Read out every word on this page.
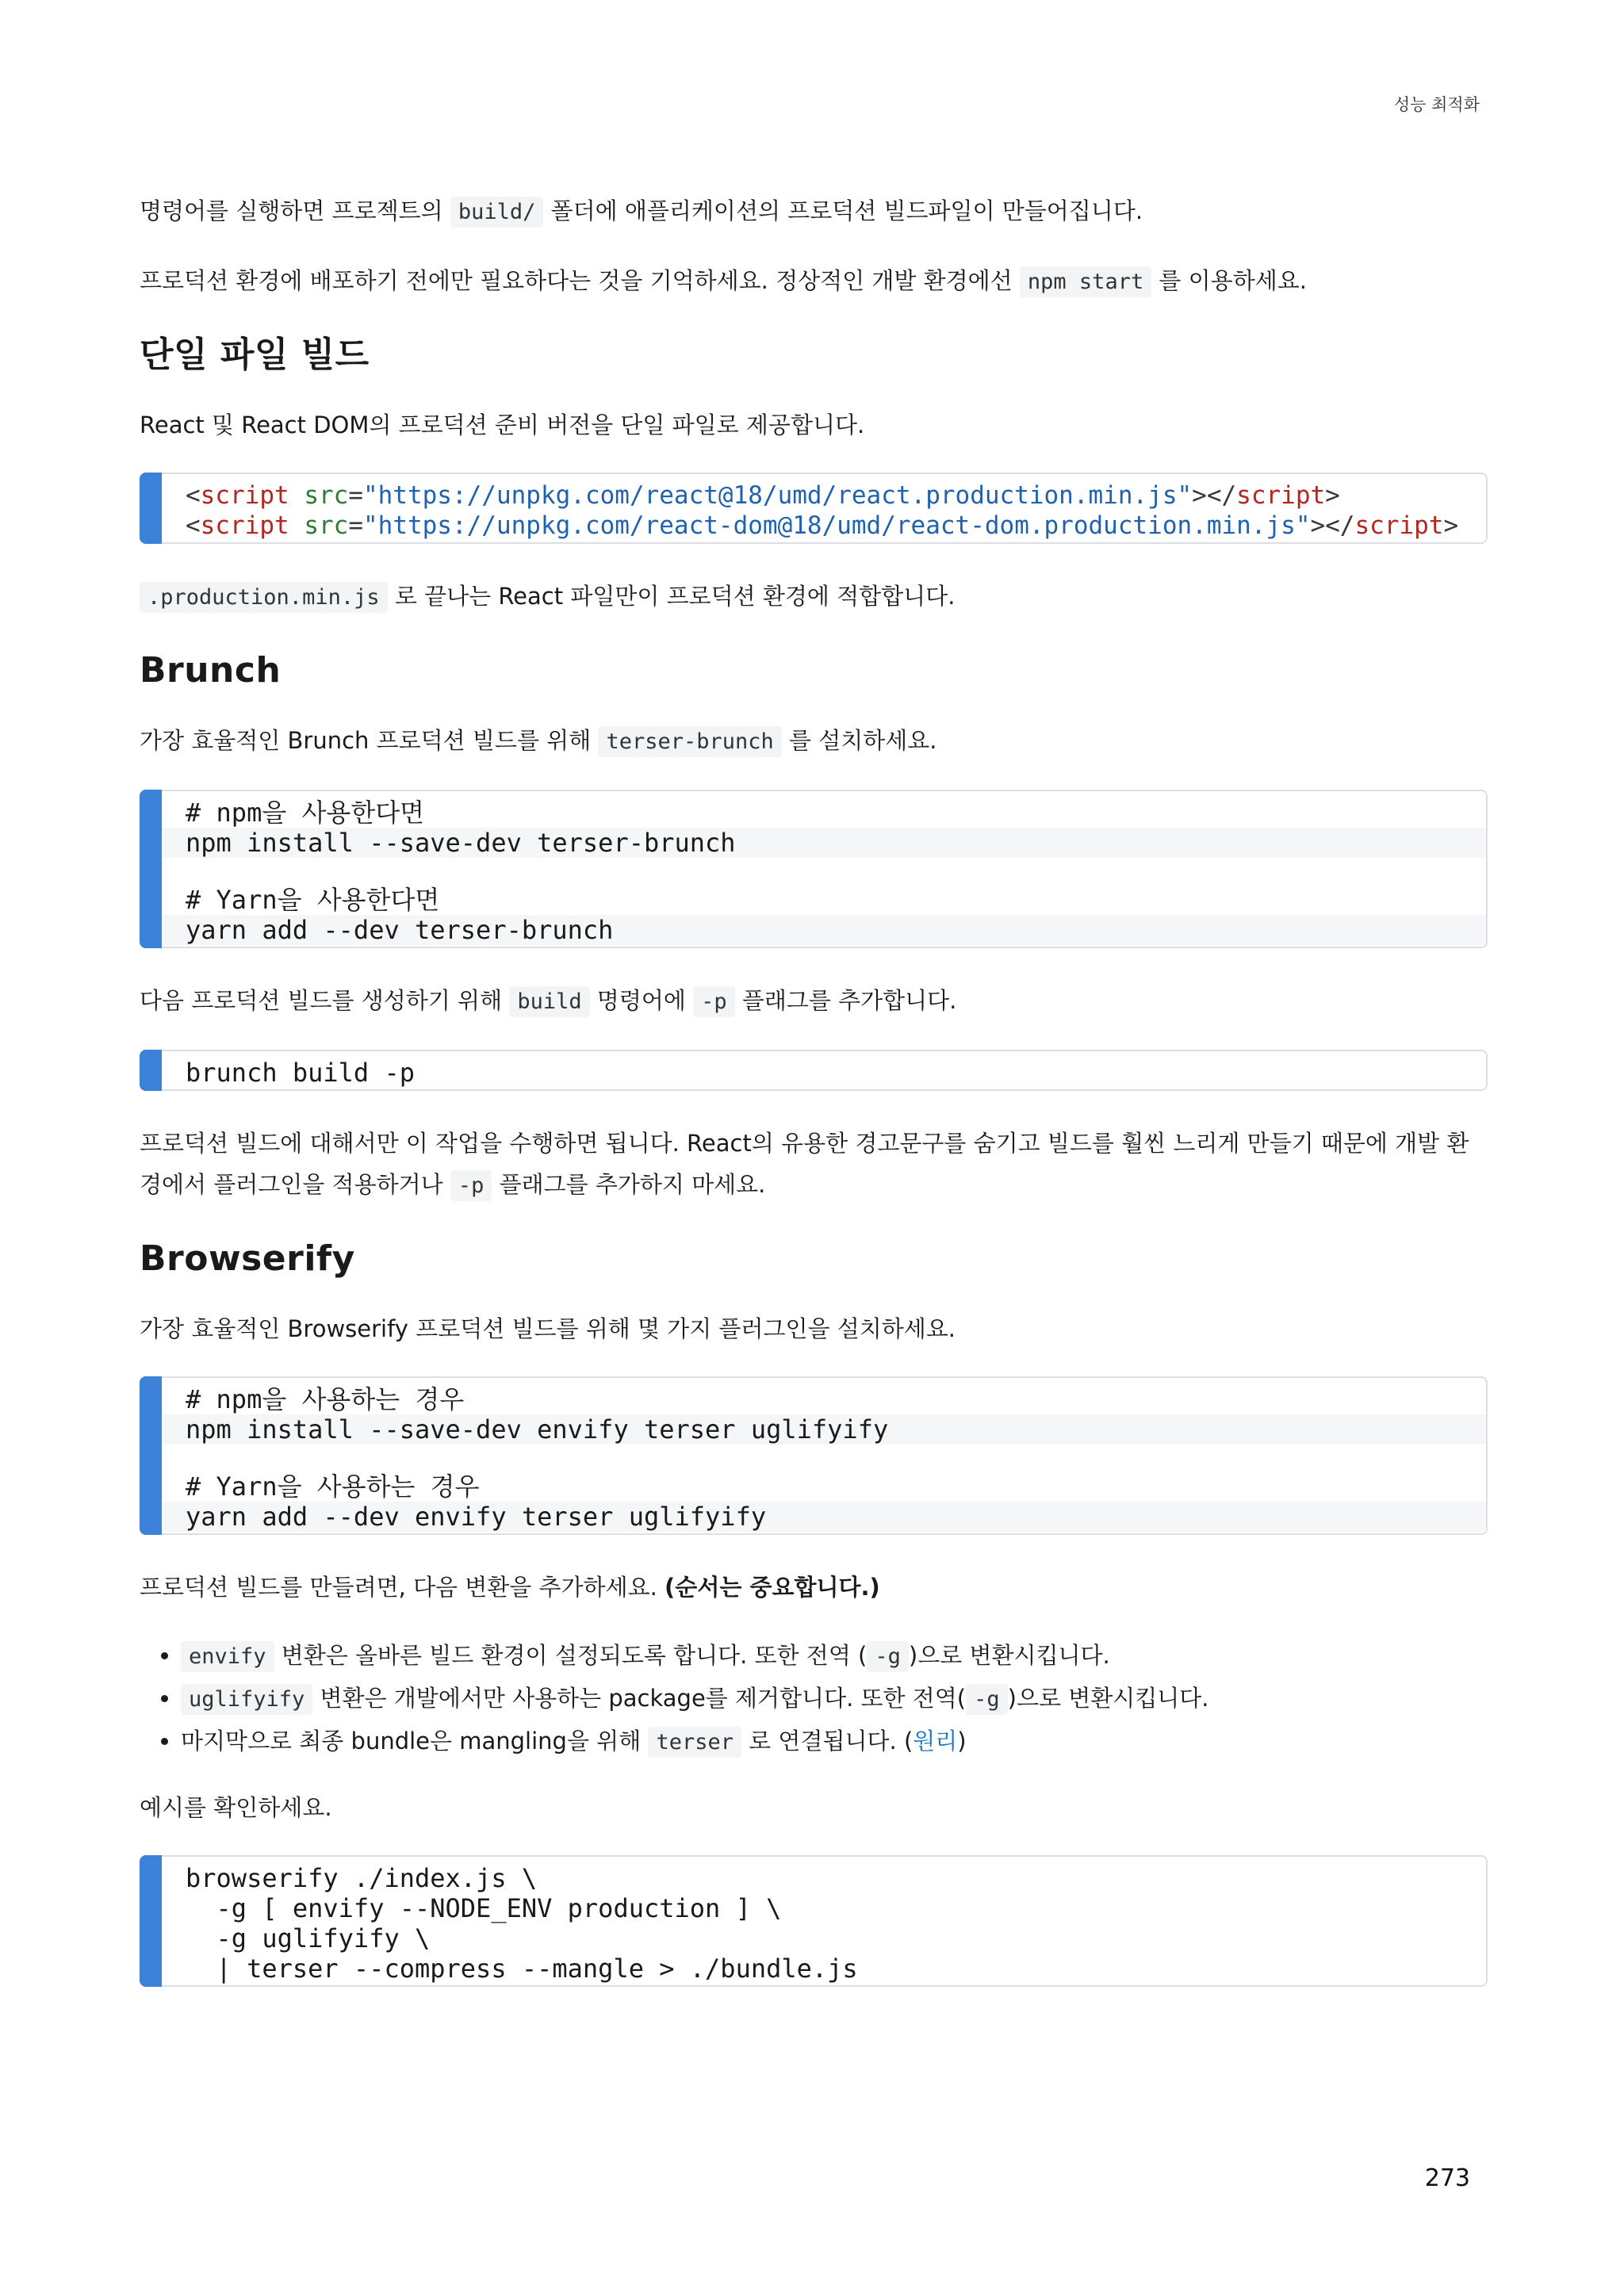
성능 최적화

명령어를 실행하면 프로젝트의 build/ 폴더에 애플리케이션의 프로덕션 빌드파일이 만들어집니다.

프로덕션 환경에 배포하기 전에만 필요하다는 것을 기억하세요. 정상적인 개발 환경에선 npm start 를 이용하세요.

단일 파일 빌드

React 및 React DOM의 프로덕션 준비 버전을 단일 파일로 제공합니다.

<script src="https://unpkg.com/react@18/umd/react.production.min.js"></script>
<script src="https://unpkg.com/react-dom@18/umd/react-dom.production.min.js"></script>

.production.min.js 로 끝나는 React 파일만이 프로덕션 환경에 적합합니다.

Brunch

가장 효율적인 Brunch 프로덕션 빌드를 위해 terser-brunch 를 설치하세요.

# npm을 사용한다면
npm install --save-dev terser-brunch
# Yarn을 사용한다면
yarn add --dev terser-brunch

다음 프로덕션 빌드를 생성하기 위해 build 명령어에 -p 플래그를 추가합니다.

brunch build -p

프로덕션 빌드에 대해서만 이 작업을 수행하면 됩니다. React의 유용한 경고문구를 숨기고 빌드를 훨씬 느리게 만들기 때문에 개발 환경에서 플러그인을 적용하거나 -p 플래그를 추가하지 마세요.

Browserify

가장 효율적인 Browserify 프로덕션 빌드를 위해 몇 가지 플러그인을 설치하세요.

# npm을 사용하는 경우
npm install --save-dev envify terser uglifyify
# Yarn을 사용하는 경우
yarn add --dev envify terser uglifyify

프로덕션 빌드를 만들려면, 다음 변환을 추가하세요. (순서는 중요합니다.)

• envify 변환은 올바른 빌드 환경이 설정되도록 합니다. 또한 전역 ( -g )으로 변환시킵니다.
• uglifyify 변환은 개발에서만 사용하는 package를 제거합니다. 또한 전역( -g )으로 변환시킵니다.
• 마지막으로 최종 bundle은 mangling을 위해 terser 로 연결됩니다. (원리)

예시를 확인하세요.

browserify ./index.js \
-g [ envify --NODE_ENV production ] \
-g uglifyify \
| terser --compress --mangle > ./bundle.js
273
